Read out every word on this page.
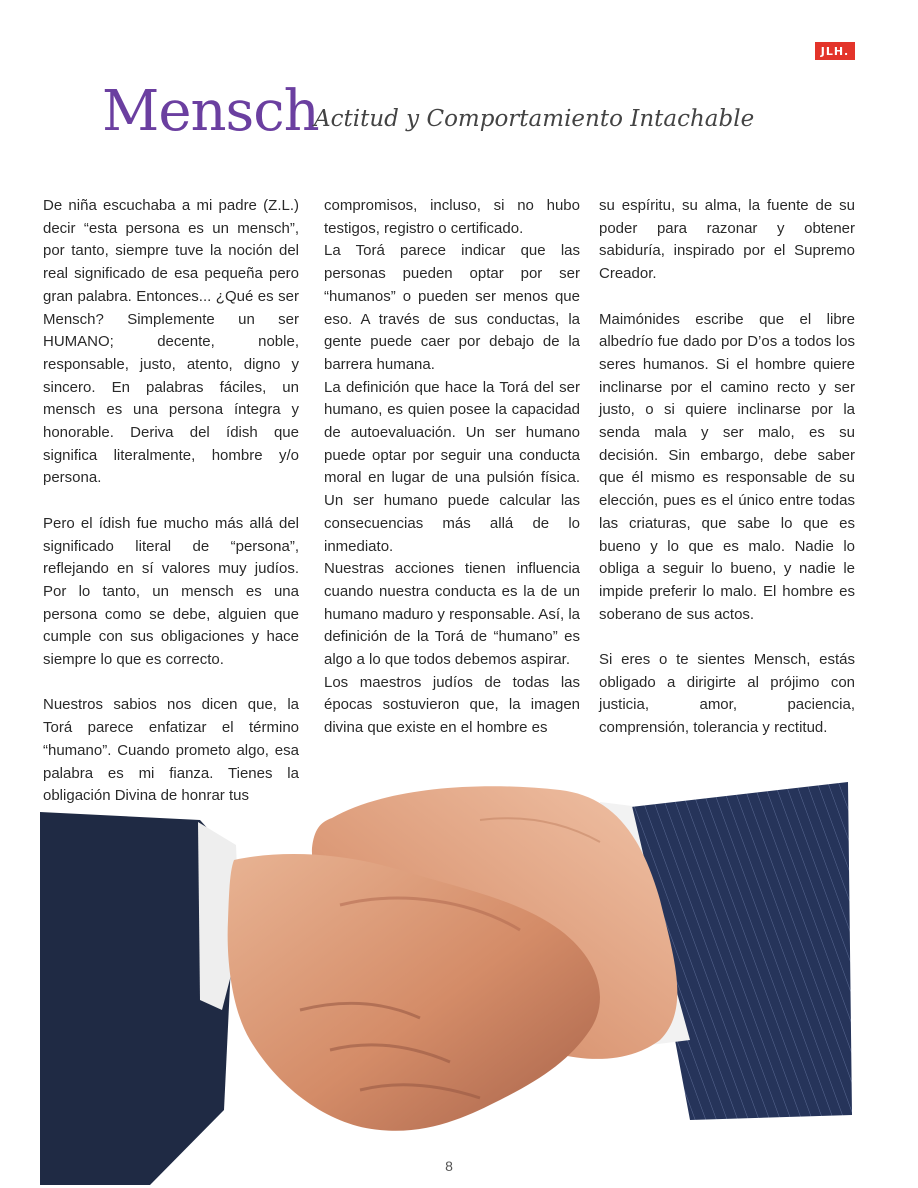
JLH.
Mensch
Actitud y Comportamiento Intachable

De niña escuchaba a mi padre (Z.L.) decir “esta persona es un mensch”, por tanto, siempre tuve la noción del real significado de esa pequeña pero gran palabra. Entonces... ¿Qué es ser Mensch? Simplemente un ser HUMANO; decente, noble, responsable, justo, atento, digno y sincero. En palabras fáciles, un mensch es una persona íntegra y honorable. Deriva del ídish que significa literalmente, hombre y/o persona.

Pero el ídish fue mucho más allá del significado literal de “persona”, reflejando en sí valores muy judíos. Por lo tanto, un mensch es una persona como se debe, alguien que cumple con sus obligaciones y hace siempre lo que es correcto.

Nuestros sabios nos dicen que, la Torá parece enfatizar el término “humano”. Cuando prometo algo, esa palabra es mi fianza. Tienes la obligación Divina de honrar tus

compromisos, incluso, si no hubo testigos, registro o certificado.

La Torá parece indicar que las personas pueden optar por ser “humanos” o pueden ser menos que eso. A través de sus conductas, la gente puede caer por debajo de la barrera humana.

La definición que hace la Torá del ser humano, es quien posee la capacidad de autoevaluación. Un ser humano puede optar por seguir una conducta moral en lugar de una pulsión física. Un ser humano puede calcular las consecuencias más allá de lo inmediato.

Nuestras acciones tienen influencia cuando nuestra conducta es la de un humano maduro y responsable. Así, la definición de la Torá de “humano” es algo a lo que todos debemos aspirar.

Los maestros judíos de todas las épocas sostuvieron que, la imagen divina que existe en el hombre es

su espíritu, su alma, la fuente de su poder para razonar y obtener sabiduría, inspirado por el Supremo Creador.

Maimónides escribe que el libre albedrío fue dado por D’os a todos los seres humanos. Si el hombre quiere inclinarse por el camino recto y ser justo, o si quiere inclinarse por la senda mala y ser malo, es su decisión. Sin embargo, debe saber que él mismo es responsable de su elección, pues es el único entre todas las criaturas, que sabe lo que es bueno y lo que es malo. Nadie lo obliga a seguir lo bueno, y nadie le impide preferir lo malo. El hombre es soberano de sus actos.

Si eres o te sientes Mensch, estás obligado a dirigirte al prójimo con justicia, amor, paciencia, comprensión, tolerancia y rectitud.

8
